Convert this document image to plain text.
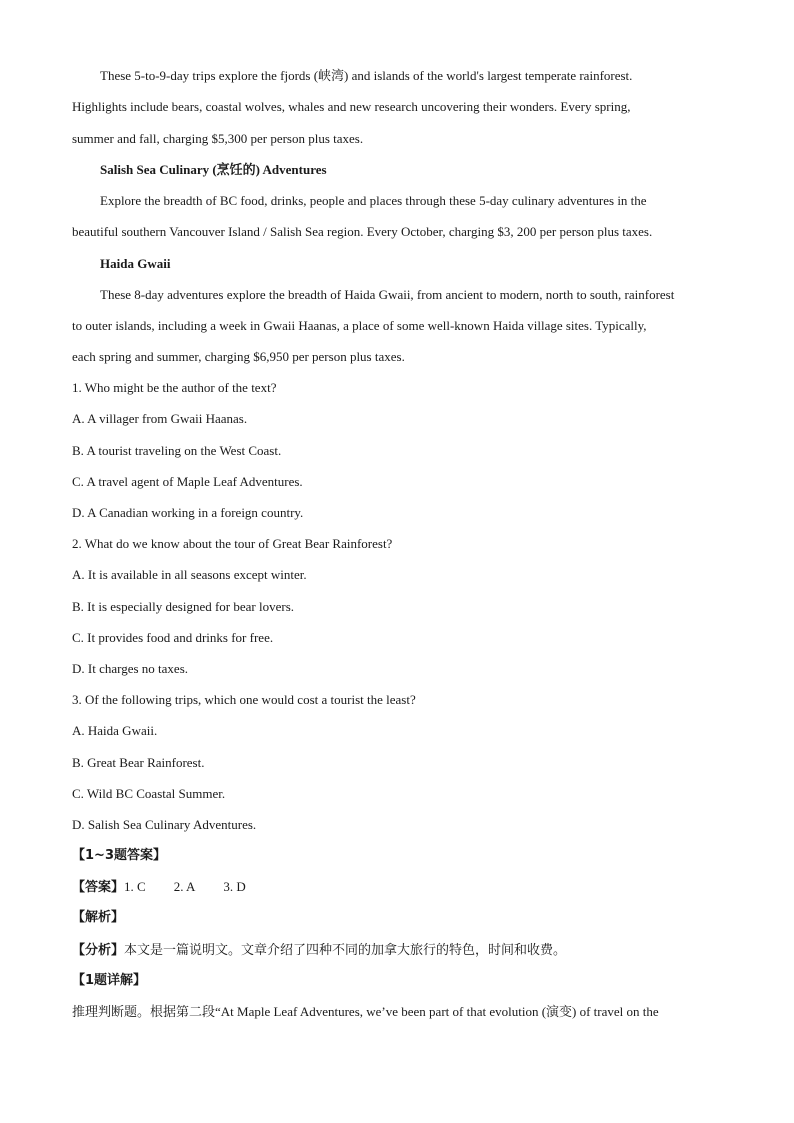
These 5-to-9-day trips explore the fjords (峡湾) and islands of the world's largest temperate rainforest.
Highlights include bears, coastal wolves, whales and new research uncovering their wonders. Every spring,
summer and fall, charging $5,300 per person plus taxes.
Salish Sea Culinary (烹饪的) Adventures
Explore the breadth of BC food, drinks, people and places through these 5-day culinary adventures in the
beautiful southern Vancouver Island / Salish Sea region. Every October, charging $3, 200 per person plus taxes.
Haida Gwaii
These 8-day adventures explore the breadth of Haida Gwaii, from ancient to modern, north to south, rainforest
to outer islands, including a week in Gwaii Haanas, a place of some well-known Haida village sites. Typically,
each spring and summer, charging $6,950 per person plus taxes.
1. Who might be the author of the text?
A. A villager from Gwaii Haanas.
B. A tourist traveling on the West Coast.
C. A travel agent of Maple Leaf Adventures.
D. A Canadian working in a foreign country.
2. What do we know about the tour of Great Bear Rainforest?
A. It is available in all seasons except winter.
B. It is especially designed for bear lovers.
C. It provides food and drinks for free.
D. It charges no taxes.
3. Of the following trips, which one would cost a tourist the least?
A. Haida Gwaii.
B. Great Bear Rainforest.
C. Wild BC Coastal Summer.
D. Salish Sea Culinary Adventures.
【1~3题答案】
【答案】1. C 2. A 3. D
【解析】
【分析】本文是一篇说明文。文章介绍了四种不同的加拿大旅行的特色，时间和收费。
【1题详解】
推理判断题。根据第二段“At Maple Leaf Adventures, we’ve been part of that evolution (演变) of travel on the
